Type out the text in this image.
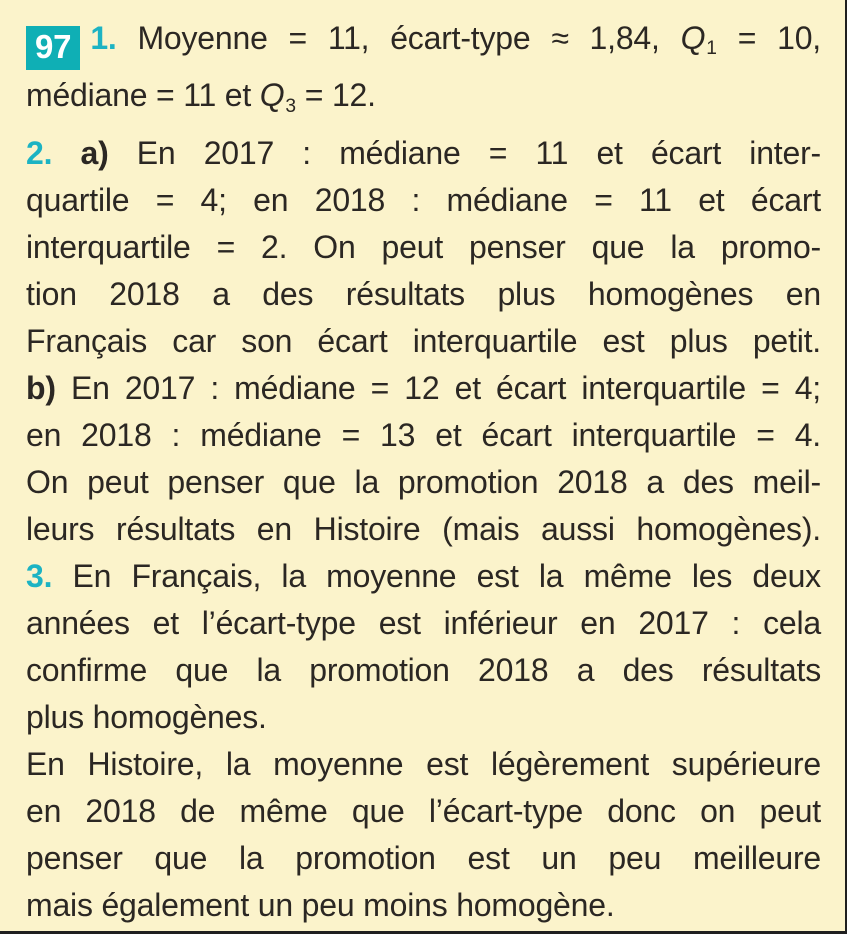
97 1. Moyenne = 11, écart-type ≈ 1,84, $Q_1 = 10$,
médiane = 11 et $Q_3 = 12$.
2. a) En 2017 : médiane = 11 et écart inter-
quartile = 4; en 2018 : médiane = 11 et écart
interquartile = 2. On peut penser que la promo-
tion 2018 a des résultats plus homogènes en
Français car son écart interquartile est plus petit.
b) En 2017 : médiane = 12 et écart interquartile = 4;
en 2018 : médiane = 13 et écart interquartile = 4.
On peut penser que la promotion 2018 a des meil-
leurs résultats en Histoire (mais aussi homogènes).
3. En Français, la moyenne est la même les deux
années et l’écart-type est inférieur en 2017 : cela
confirme que la promotion 2018 a des résultats
plus homogènes.
En Histoire, la moyenne est légèrement supérieure
en 2018 de même que l’écart-type donc on peut
penser que la promotion est un peu meilleure
mais également un peu moins homogène.
